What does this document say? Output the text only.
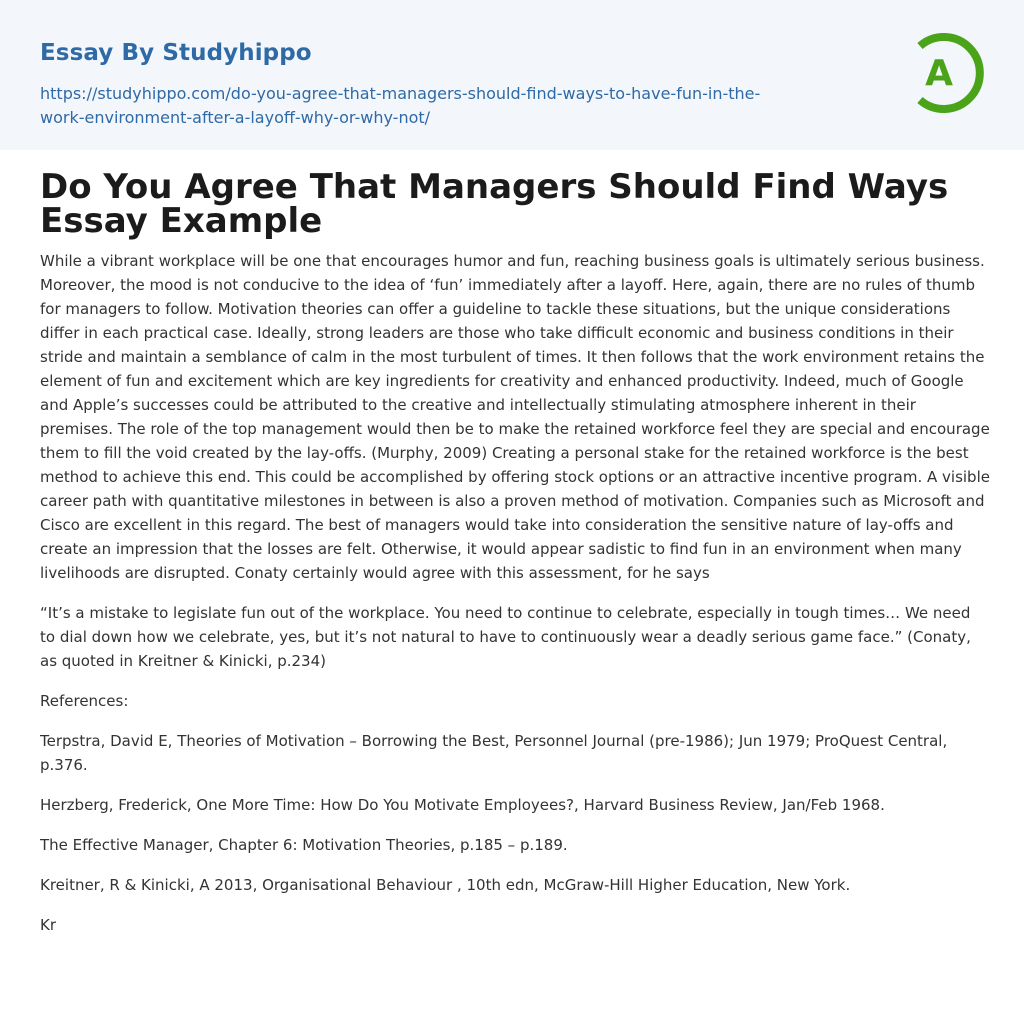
Essay By Studyhippo
https://studyhippo.com/do-you-agree-that-managers-should-find-ways-to-have-fun-in-the-
work-environment-after-a-layoff-why-or-why-not/
A
Do You Agree That Managers Should Find Ways Essay Example

While a vibrant workplace will be one that encourages humor and fun, reaching business goals is ultimately serious business. Moreover, the mood is not conducive to the idea of ‘fun’ immediately after a layoff. Here, again, there are no rules of thumb for managers to follow. Motivation theories can offer a guideline to tackle these situations, but the unique considerations differ in each practical case. Ideally, strong leaders are those who take difficult economic and business conditions in their stride and maintain a semblance of calm in the most turbulent of times. It then follows that the work environment retains the element of fun and excitement which are key ingredients for creativity and enhanced productivity. Indeed, much of Google and Apple’s successes could be attributed to the creative and intellectually stimulating atmosphere inherent in their premises. The role of the top management would then be to make the retained workforce feel they are special and encourage them to fill the void created by the lay-offs. (Murphy, 2009) Creating a personal stake for the retained workforce is the best method to achieve this end. This could be accomplished by offering stock options or an attractive incentive program. A visible career path with quantitative milestones in between is also a proven method of motivation. Companies such as Microsoft and Cisco are excellent in this regard. The best of managers would take into consideration the sensitive nature of lay-offs and create an impression that the losses are felt. Otherwise, it would appear sadistic to find fun in an environment when many livelihoods are disrupted. Conaty certainly would agree with this assessment, for he says

“It’s a mistake to legislate fun out of the workplace. You need to continue to celebrate, especially in tough times… We need to dial down how we celebrate, yes, but it’s not natural to have to continuously wear a deadly serious game face.” (Conaty, as quoted in Kreitner & Kinicki, p.234)

References:

Terpstra, David E, Theories of Motivation – Borrowing the Best, Personnel Journal (pre-1986); Jun 1979; ProQuest Central, p.376.

Herzberg, Frederick, One More Time: How Do You Motivate Employees?, Harvard Business Review, Jan/Feb 1968.

The Effective Manager, Chapter 6: Motivation Theories, p.185 – p.189.

Kreitner, R & Kinicki, A 2013, Organisational Behaviour , 10th edn, McGraw-Hill Higher Education, New York.

Kr
